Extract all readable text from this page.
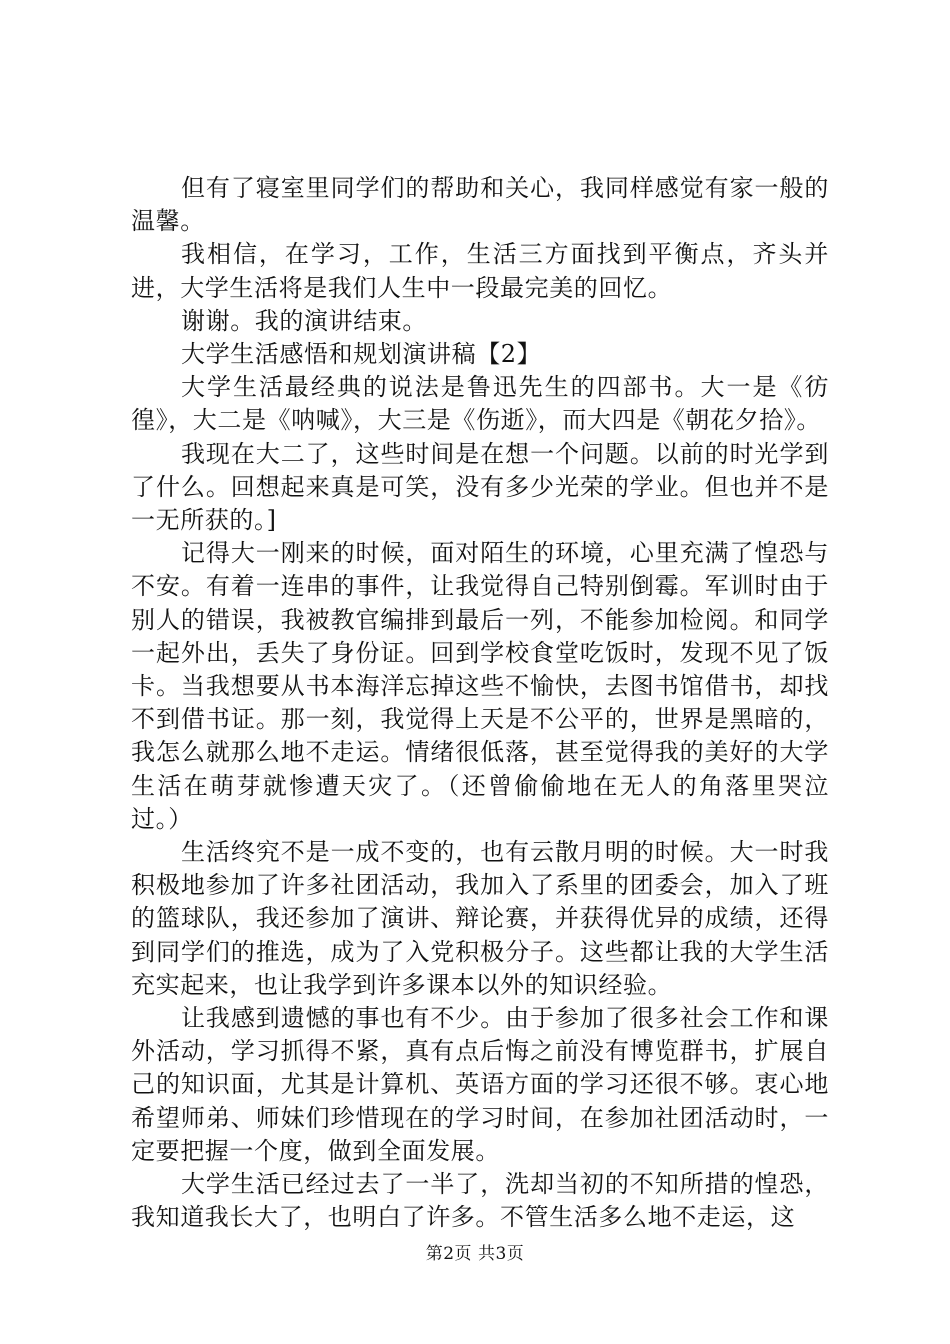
但有了寝室里同学们的帮助和关心，我同样感觉有家一般的温馨。

我相信，在学习，工作，生活三方面找到平衡点，齐头并进，大学生活将是我们人生中一段最完美的回忆。

谢谢。我的演讲结束。

大学生活感悟和规划演讲稿【2】

大学生活最经典的说法是鲁迅先生的四部书。大一是《彷徨》，大二是《呐喊》，大三是《伤逝》，而大四是《朝花夕拾》。

我现在大二了，这些时间是在想一个问题。以前的时光学到了什么。回想起来真是可笑，没有多少光荣的学业。但也并不是一无所获的。]

记得大一刚来的时候，面对陌生的环境，心里充满了惶恐与不安。有着一连串的事件，让我觉得自己特别倒霉。军训时由于别人的错误，我被教官编排到最后一列，不能参加检阅。和同学一起外出，丢失了身份证。回到学校食堂吃饭时，发现不见了饭卡。当我想要从书本海洋忘掉这些不愉快，去图书馆借书，却找不到借书证。那一刻，我觉得上天是不公平的，世界是黑暗的，我怎么就那么地不走运。情绪很低落，甚至觉得我的美好的大学生活在萌芽就惨遭天灾了。（还曾偷偷地在无人的角落里哭泣过。）

生活终究不是一成不变的，也有云散月明的时候。大一时我积极地参加了许多社团活动，我加入了系里的团委会，加入了班的篮球队，我还参加了演讲、辩论赛，并获得优异的成绩，还得到同学们的推选，成为了入党积极分子。这些都让我的大学生活充实起来，也让我学到许多课本以外的知识经验。

让我感到遗憾的事也有不少。由于参加了很多社会工作和课外活动，学习抓得不紧，真有点后悔之前没有博览群书，扩展自己的知识面，尤其是计算机、英语方面的学习还很不够。衷心地希望师弟、师妹们珍惜现在的学习时间，在参加社团活动时，一定要把握一个度，做到全面发展。

大学生活已经过去了一半了，洗却当初的不知所措的惶恐，我知道我长大了，也明白了许多。不管生活多么地不走运，这

第2页 共3页
